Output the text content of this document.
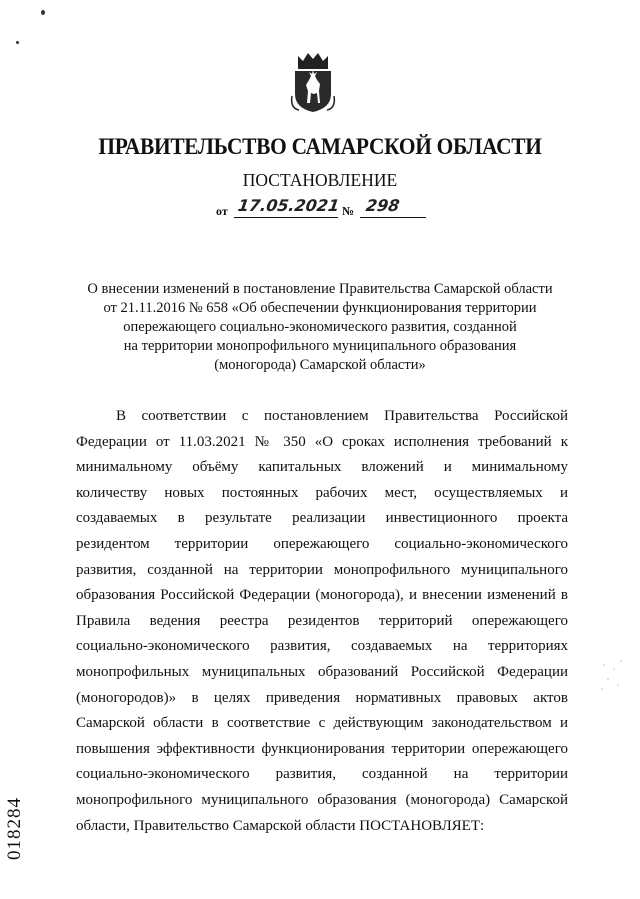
ПРАВИТЕЛЬСТВО САМАРСКОЙ ОБЛАСТИ
ПОСТАНОВЛЕНИЕ
от 17.05.2021 № 298
О внесении изменений в постановление Правительства Самарской области
от 21.11.2016 № 658 «Об обеспечении функционирования территории
опережающего социально-экономического развития, созданной
на территории монопрофильного муниципального образования
(моногорода) Самарской области»
В соответствии с постановлением Правительства Российской
Федерации от 11.03.2021 № 350 «О сроках исполнения требований к
минимальному объёму капитальных вложений и минимальному
количеству новых постоянных рабочих мест, осуществляемых и
создаваемых в результате реализации инвестиционного проекта
резидентом территории опережающего социально-экономического
развития, созданной на территории монопрофильного муниципального
образования Российской Федерации (моногорода), и внесении изменений в
Правила ведения реестра резидентов территорий опережающего
социально-экономического развития, создаваемых на территориях
монопрофильных муниципальных образований Российской Федерации
(моногородов)» в целях приведения нормативных правовых актов
Самарской области в соответствие с действующим законодательством и
повышения эффективности функционирования территории опережающего
социально-экономического развития, созданной на территории
монопрофильного муниципального образования (моногорода) Самарской
области, Правительство Самарской области ПОСТАНОВЛЯЕТ:
018284
